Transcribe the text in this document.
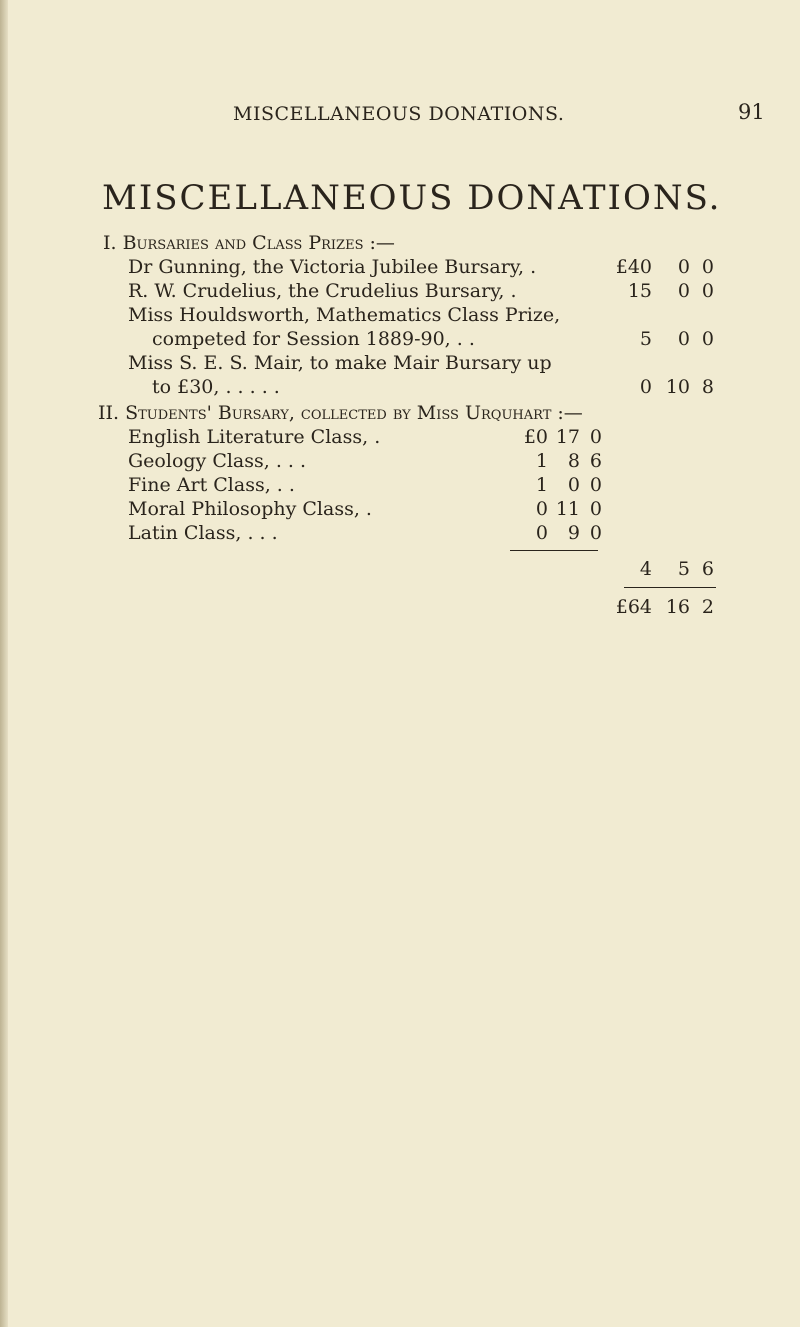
MISCELLANEOUS DONATIONS.	91
MISCELLANEOUS DONATIONS.
I. Bursaries and Class Prizes :—
Dr Gunning, the Victoria Jubilee Bursary, .	£40	0 0
R. W. Crudelius, the Crudelius Bursary, .	15	0 0
Miss Houldsworth, Mathematics Class Prize,
competed for Session 1889-90, . .	5	0 0
Miss S. E. S. Mair, to make Mair Bursary up
to £30, . . . . .	0 10 8
II. Students' Bursary, collected by Miss Urquhart :—
English Literature Class, .	£0 17 0
Geology Class, . . .	1	8 6
Fine Art Class, . .	1	0 0
Moral Philosophy Class, .	0 11 0
Latin Class, . . .	0	9 0
4	5 6
£64 16 2
